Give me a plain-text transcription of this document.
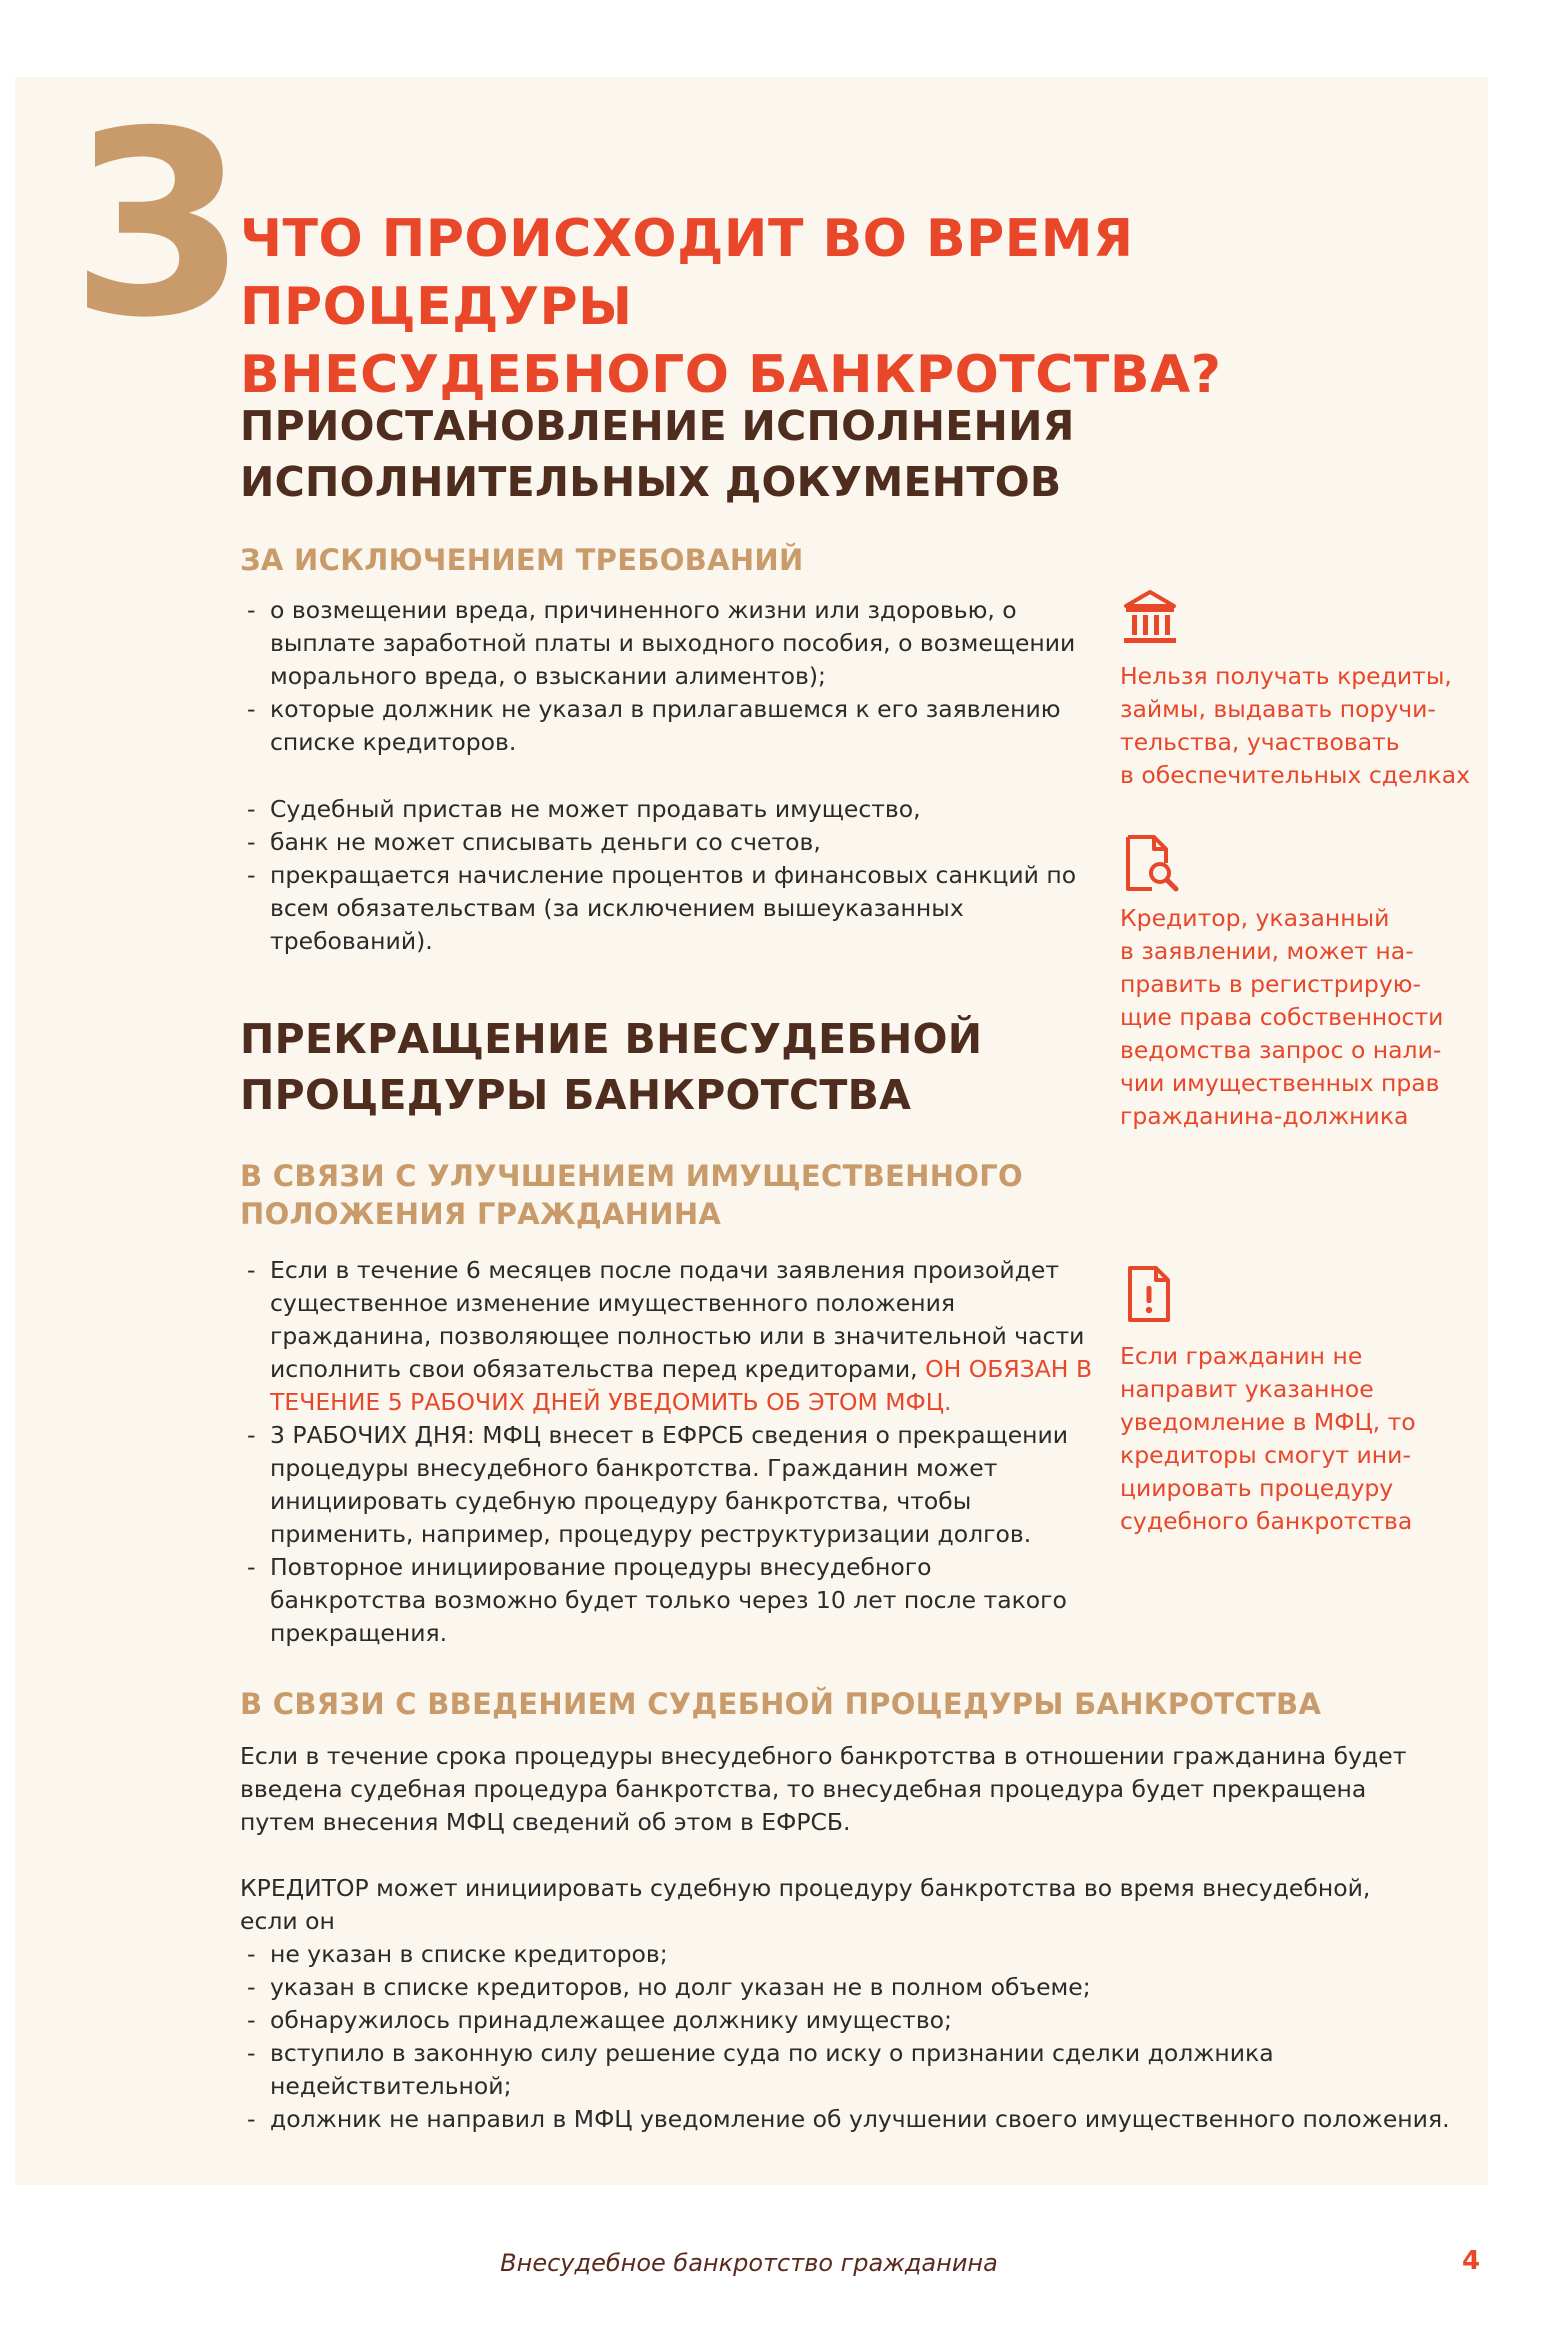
3
ЧТО ПРОИСХОДИТ ВО ВРЕМЯ ПРОЦЕДУРЫ
ВНЕСУДЕБНОГО БАНКРОТСТВА?
ПРИОСТАНОВЛЕНИЕ ИСПОЛНЕНИЯ
ИСПОЛНИТЕЛЬНЫХ ДОКУМЕНТОВ
ЗА ИСКЛЮЧЕНИЕМ ТРЕБОВАНИЙ
- о возмещении вреда, причиненного жизни или здоровью, о выплате заработной платы и выходного пособия, о возмещении морального вреда, о взыскании алиментов);
- которые должник не указал в прилагавшемся к его заявлению списке кредиторов.
- Судебный пристав не может продавать имущество,
- банк не может списывать деньги со счетов,
- прекращается начисление процентов и финансовых санкций по всем обязательствам (за исключением вышеуказанных требований).
ПРЕКРАЩЕНИЕ ВНЕСУДЕБНОЙ
ПРОЦЕДУРЫ БАНКРОТСТВА
В СВЯЗИ С УЛУЧШЕНИЕМ ИМУЩЕСТВЕННОГО
ПОЛОЖЕНИЯ ГРАЖДАНИНА
- Если в течение 6 месяцев после подачи заявления произойдет существенное изменение имущественного положения гражданина, позволяющее полностью или в значительной части исполнить свои обязательства перед кредиторами, ОН ОБЯЗАН В ТЕЧЕНИЕ 5 РАБОЧИХ ДНЕЙ УВЕДОМИТЬ ОБ ЭТОМ МФЦ.
- 3 РАБОЧИХ ДНЯ: МФЦ внесет в ЕФРСБ сведения о прекращении процедуры внесудебного банкротства. Гражданин может инициировать судебную процедуру банкротства, чтобы применить, например, процедуру реструктуризации долгов.
- Повторное инициирование процедуры внесудебного банкротства возможно будет только через 10 лет после такого прекращения.
В СВЯЗИ С ВВЕДЕНИЕМ СУДЕБНОЙ ПРОЦЕДУРЫ БАНКРОТСТВА

Если в течение срока процедуры внесудебного банкротства в отношении гражданина будет введена судебная процедура банкротства, то внесудебная процедура будет прекращена путем внесения МФЦ сведений об этом в ЕФРСБ.

КРЕДИТОР может инициировать судебную процедуру банкротства во время внесудебной, если он

- не указан в списке кредиторов;
- указан в списке кредиторов, но долг указан не в полном объеме;
- обнаружилось принадлежащее должнику имущество;
- вступило в законную силу решение суда по иску о признании сделки должника недействительной;
- должник не направил в МФЦ уведомление об улучшении своего имущественного положения.

Нельзя получать кредиты,
займы, выдавать поручи-
тельства, участвовать
в обеспечительных сделках

Кредитор, указанный
в заявлении, может на-
править в регистрирую-
щие права собственности
ведомства запрос о нали-
чии имущественных прав
гражданина-должника

Если гражданин не
направит указанное
уведомление в МФЦ, то
кредиторы смогут ини-
циировать процедуру
судебного банкротства

Внесудебное банкротство гражданина	4
